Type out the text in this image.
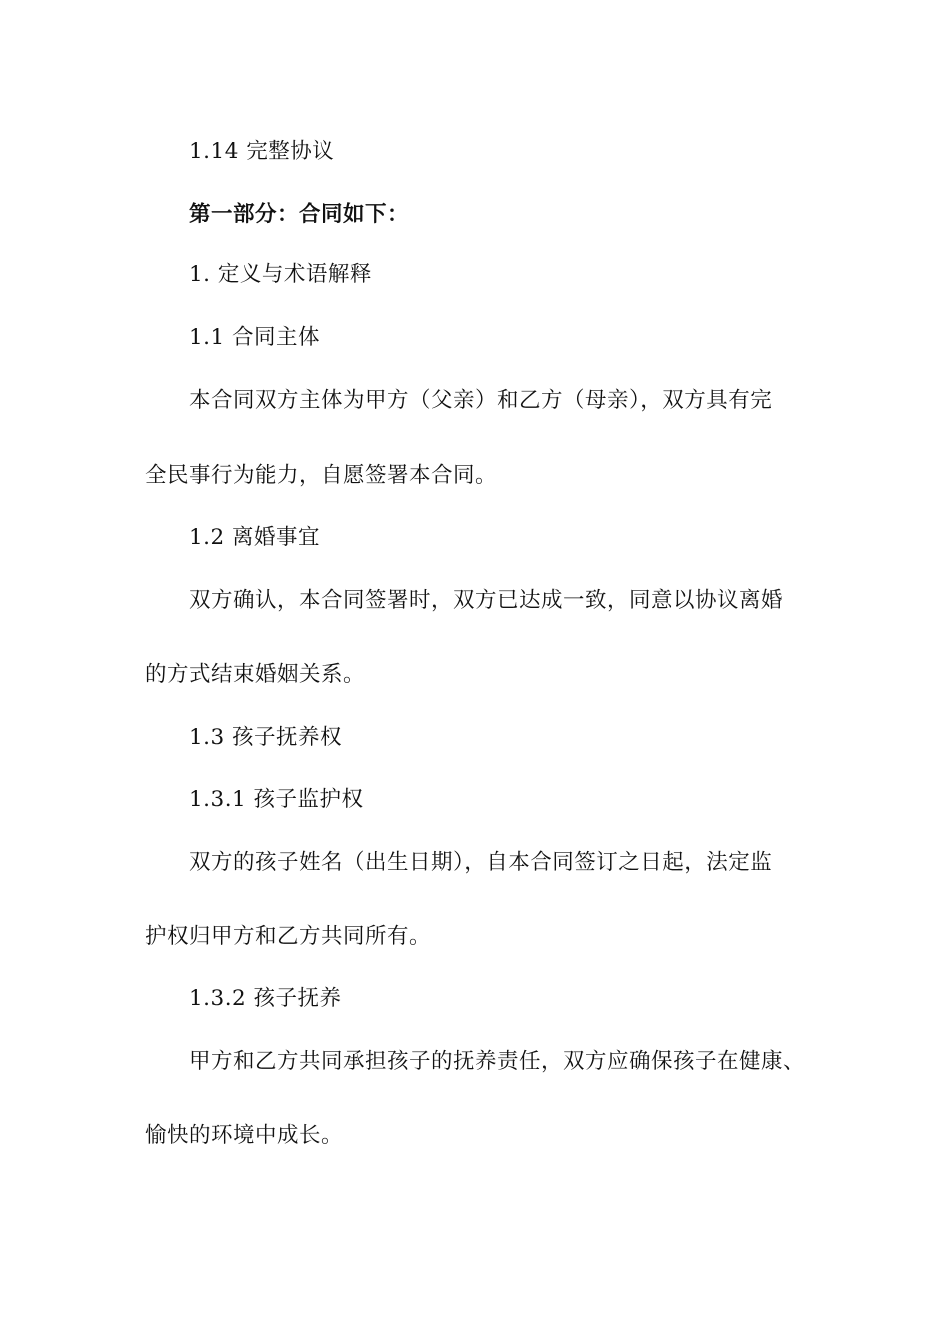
1.14 完整协议

第一部分：合同如下：

1. 定义与术语解释

1.1 合同主体

本合同双方主体为甲方（父亲）和乙方（母亲），双方具有完

全民事行为能力，自愿签署本合同。

1.2 离婚事宜

双方确认，本合同签署时，双方已达成一致，同意以协议离婚

的方式结束婚姻关系。

1.3 孩子抚养权

1.3.1 孩子监护权

双方的孩子姓名（出生日期），自本合同签订之日起，法定监

护权归甲方和乙方共同所有。

1.3.2 孩子抚养

甲方和乙方共同承担孩子的抚养责任，双方应确保孩子在健康、

愉快的环境中成长。
